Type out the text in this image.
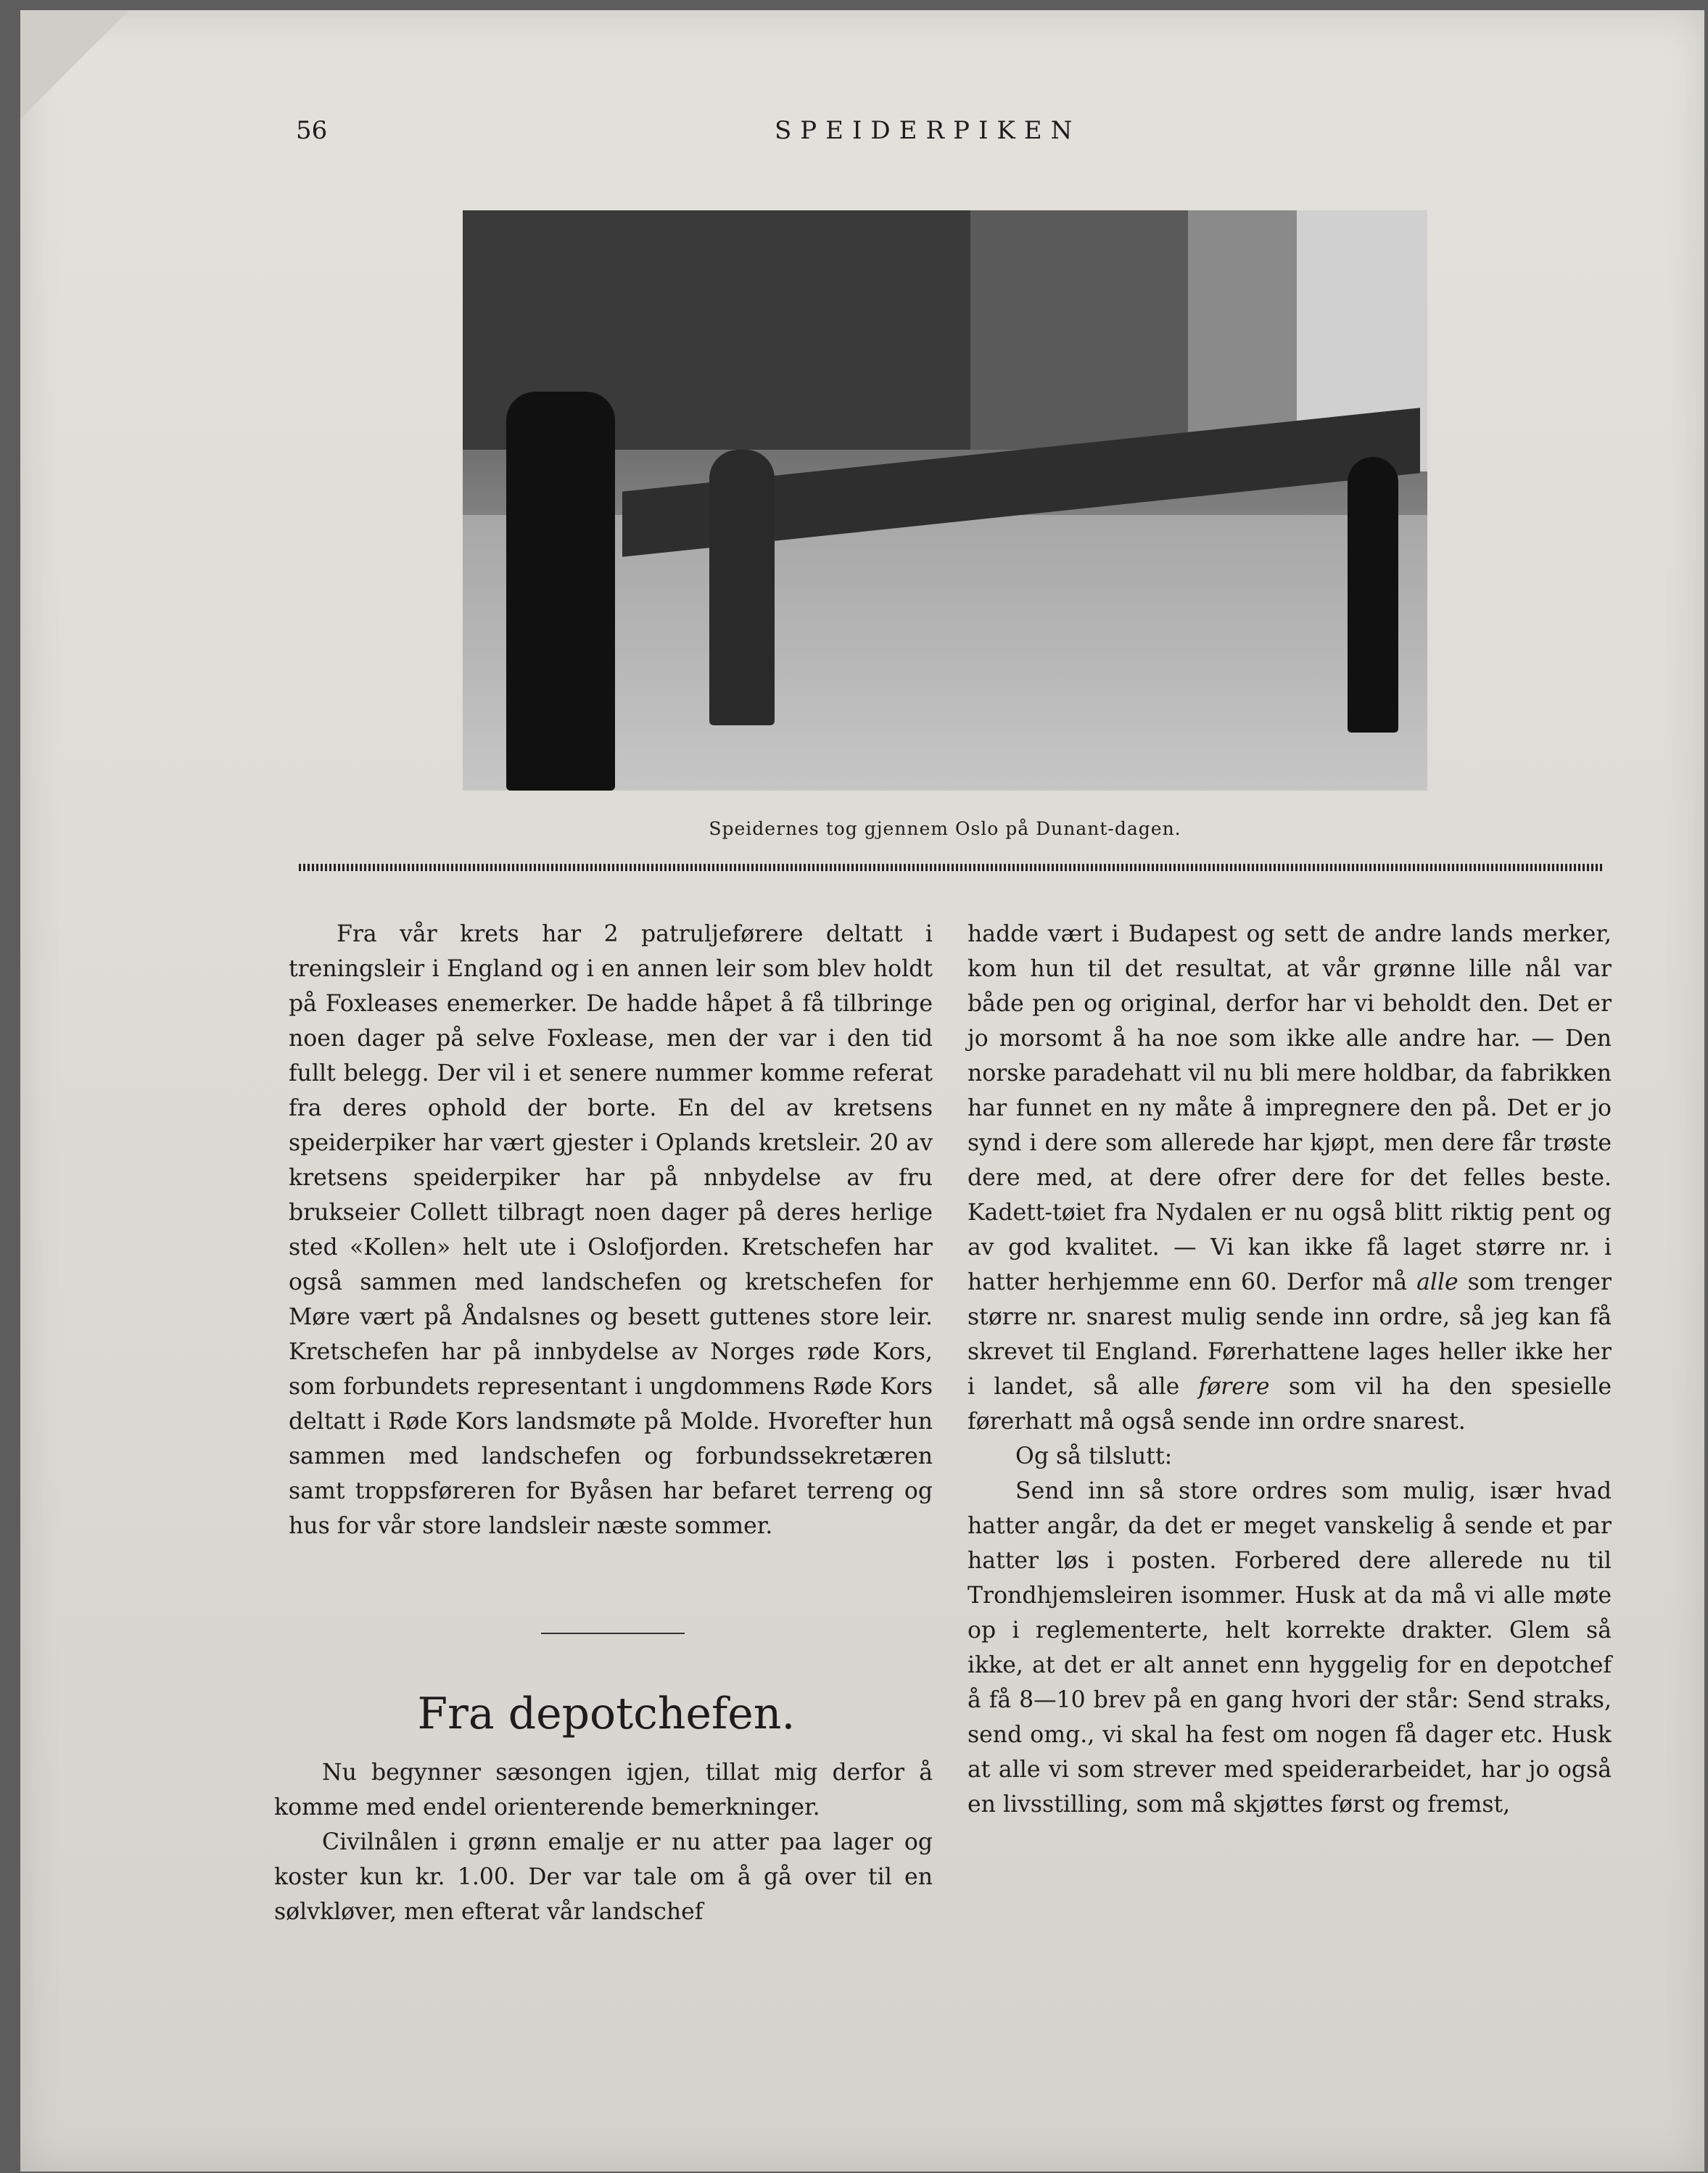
56	SPEIDERPIKEN
Speidernes tog gjennem Oslo på Dunant-dagen.

Fra vår krets har 2 patruljeførere deltatt i treningsleir i England og i en annen leir som blev holdt på Foxleases enemerker. De hadde håpet å få tilbringe noen dager på selve Foxlease, men der var i den tid fullt belegg. Der vil i et senere nummer komme referat fra deres ophold der borte. En del av kretsens speiderpiker har vært gjester i Oplands kretsleir. 20 av kretsens speiderpiker har på nnbydelse av fru brukseier Collett tilbragt noen dager på deres herlige sted «Kollen» helt ute i Oslofjorden. Kretschefen har også sammen med landschefen og kretschefen for Møre vært på Åndalsnes og besett guttenes store leir. Kretschefen har på innbydelse av Norges røde Kors, som forbundets representant i ungdommens Røde Kors deltatt i Røde Kors landsmøte på Molde. Hvorefter hun sammen med landschefen og forbundssekretæren samt troppsføreren for Byåsen har befaret terreng og hus for vår store landsleir næste sommer.

Fra depotchefen.

Nu begynner sæsongen igjen, tillat mig derfor å komme med endel orienterende bemerkninger.

Civilnålen i grønn emalje er nu atter paa lager og koster kun kr. 1.00. Der var tale om å gå over til en sølvkløver, men efterat vår landschef

hadde vært i Budapest og sett de andre lands merker, kom hun til det resultat, at vår grønne lille nål var både pen og original, derfor har vi beholdt den. Det er jo morsomt å ha noe som ikke alle andre har. — Den norske paradehatt vil nu bli mere holdbar, da fabrikken har funnet en ny måte å impregnere den på. Det er jo synd i dere som allerede har kjøpt, men dere får trøste dere med, at dere ofrer dere for det felles beste. Kadett-tøiet fra Nydalen er nu også blitt riktig pent og av god kvalitet. — Vi kan ikke få laget større nr. i hatter herhjemme enn 60. Derfor må alle som trenger større nr. snarest mulig sende inn ordre, så jeg kan få skrevet til England. Førerhattene lages heller ikke her i landet, så alle førere som vil ha den spesielle førerhatt må også sende inn ordre snarest.

Og så tilslutt:

Send inn så store ordres som mulig, især hvad hatter angår, da det er meget vanskelig å sende et par hatter løs i posten. Forbered dere allerede nu til Trondhjemsleiren isommer. Husk at da må vi alle møte op i reglementerte, helt korrekte drakter. Glem så ikke, at det er alt annet enn hyggelig for en depotchef å få 8—10 brev på en gang hvori der står: Send straks, send omg., vi skal ha fest om nogen få dager etc. Husk at alle vi som strever med speiderarbeidet, har jo også en livsstilling, som må skjøttes først og fremst,
